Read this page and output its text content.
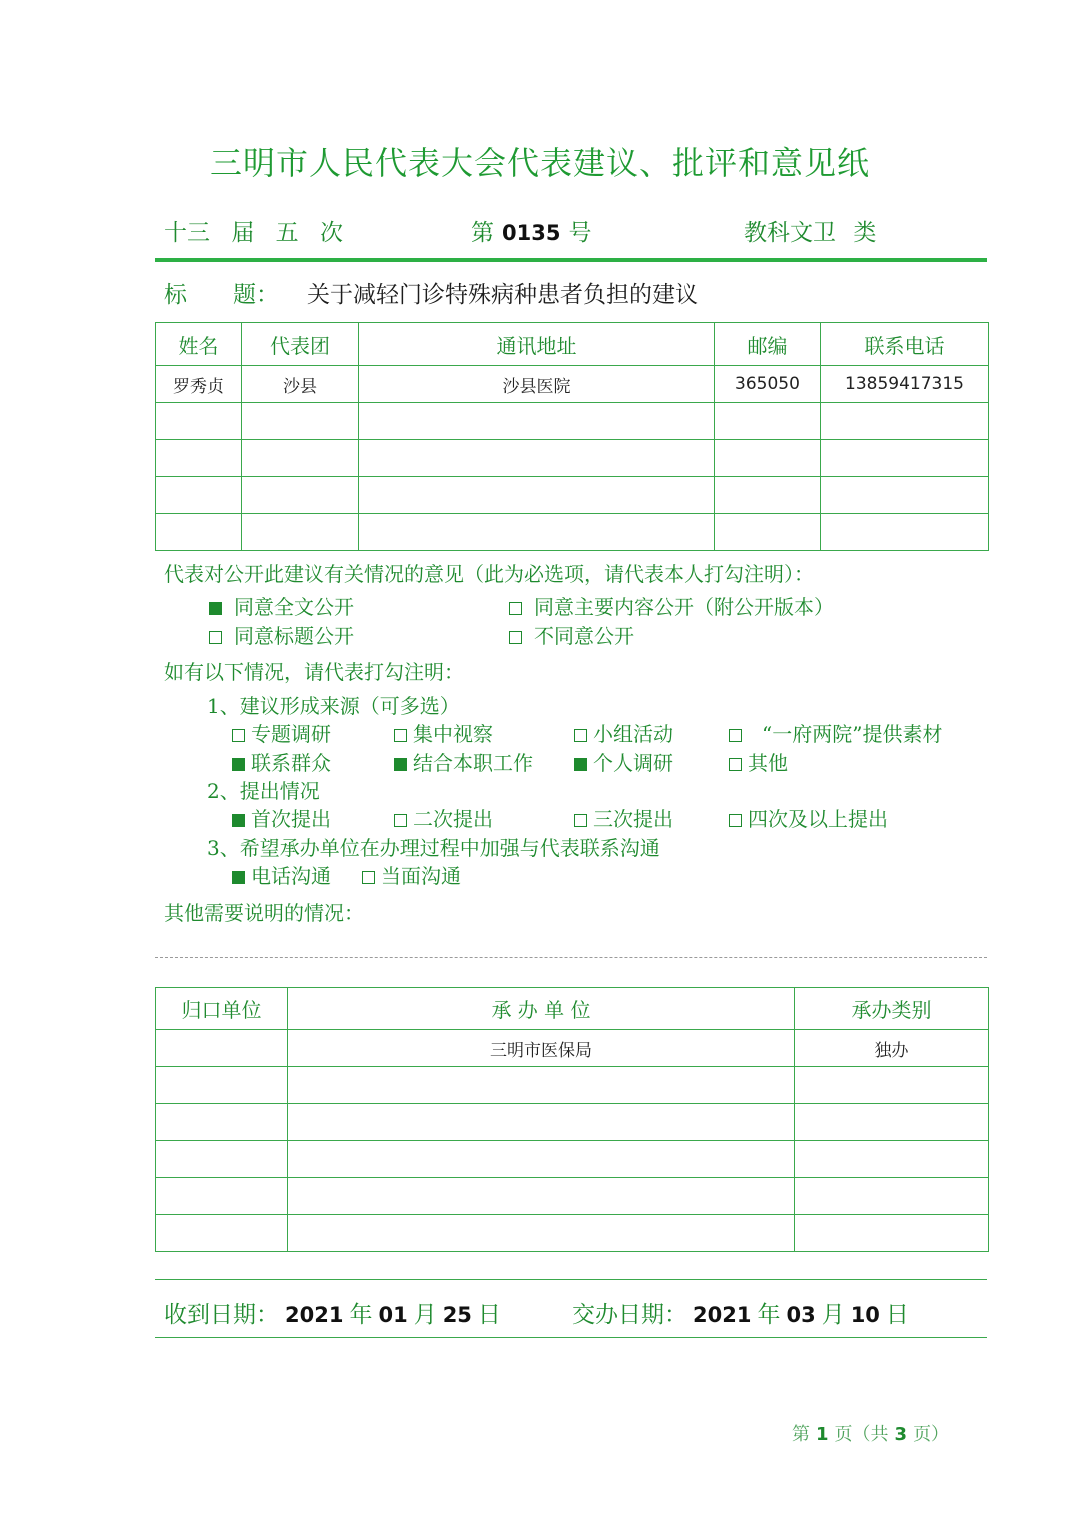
三明市人民代表大会代表建议、批评和意见纸
十三 届 五 次	第 0135 号	教科文卫 类
标　　题： 关于减轻门诊特殊病种患者负担的建议
姓名	代表团	通讯地址	邮编	联系电话
罗秀贞	沙县	沙县医院	365050	13859417315

代表对公开此建议有关情况的意见（此为必选项，请代表本人打勾注明）：
同意全文公开	同意主要内容公开（附公开版本）
同意标题公开	不同意公开
如有以下情况，请代表打勾注明：
1、建议形成来源（可多选）
专题调研	集中视察	小组活动	“一府两院”提供素材
联系群众	结合本职工作	个人调研	其他
2、提出情况
首次提出	二次提出	三次提出	四次及以上提出
3、希望承办单位在办理过程中加强与代表联系沟通
电话沟通	当面沟通
其他需要说明的情况：
归口单位	承 办 单 位	承办类别
	三明市医保局	独办

收到日期： 2021 年 01 月 25 日	交办日期： 2021 年 03 月 10 日
第 1 页（共 3 页）
